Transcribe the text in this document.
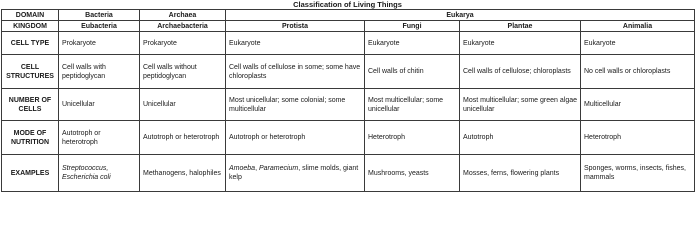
Classification of Living Things
DOMAIN	Bacteria	Archaea	Eukarya			
KINGDOM	Eubacteria	Archaebacteria	Protista	Fungi	Plantae	Animalia
CELL TYPE	Prokaryote	Prokaryote	Eukaryote	Eukaryote	Eukaryote	Eukaryote
CELL
STRUCTURES	Cell walls with peptidoglycan	Cell walls without peptidoglycan	Cell walls of cellulose in some; some have chloroplasts	Cell walls of chitin	Cell walls of cellulose; chloroplasts	No cell walls or chloroplasts
NUMBER OF
CELLS	Unicellular	Unicellular	Most unicellular; some colonial; some multicellular	Most multicellular; some unicellular	Most multicellular; some green algae unicellular	Multicellular
MODE OF
NUTRITION	Autotroph or heterotroph	Autotroph or heterotroph	Autotroph or heterotroph	Heterotroph	Autotroph	Heterotroph
EXAMPLES	Streptococcus,
Escherichia coli	Methanogens, halophiles	Amoeba, Paramecium, slime molds, giant kelp	Mushrooms, yeasts	Mosses, ferns, flowering plants	Sponges, worms, insects, fishes, mammals
